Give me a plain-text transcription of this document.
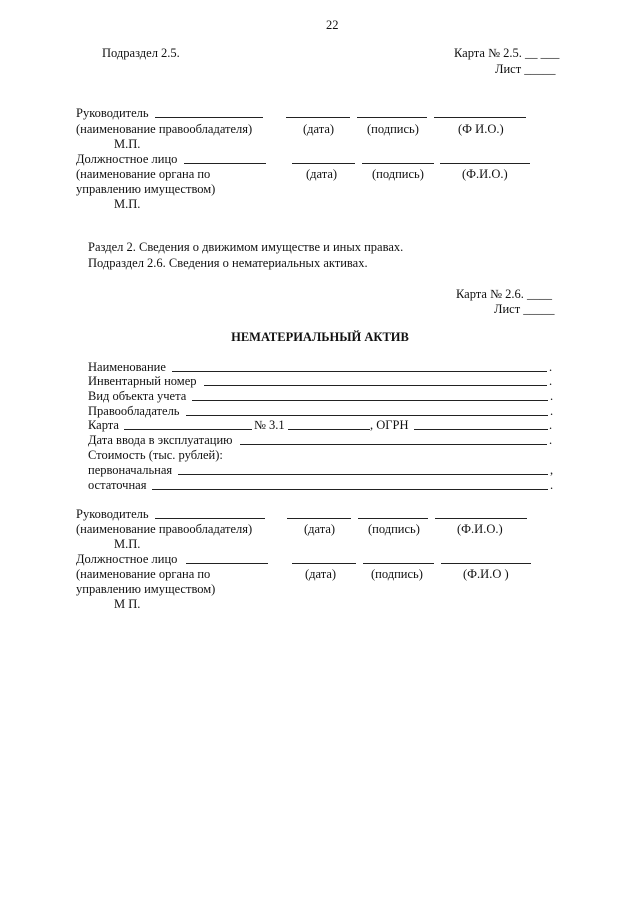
22
Подраздел 2.5.	Карта № 2.5. __ ___
Лист _____
Руководитель
(наименование правообладателя)	(дата)	(подпись)	(Ф И.О.)
М.П.
Должностное лицо
(наименование органа по
управлению имуществом)
(дата)	(подпись)	(Ф.И.О.)
М.П.
Раздел 2. Сведения о движимом имуществе и иных правах.
Подраздел 2.6. Сведения о нематериальных активах.
Карта № 2.6. ____
Лист _____
НЕМАТЕРИАЛЬНЫЙ АКТИВ
Наименование	.
Инвентарный номер	.
Вид объекта учета	.
Правообладатель	.
Карта	№ 3.1	, ОГРН	.
Дата ввода в эксплуатацию	.
Стоимость (тыс. рублей):
первоначальная	,
остаточная	.
Руководитель
(наименование правообладателя)	(дата)	(подпись)	(Ф.И.О.)
М.П.
Должностное лицо
(наименование органа по
управлению имуществом)
(дата)	(подпись)	(Ф.И.О )
М П.
